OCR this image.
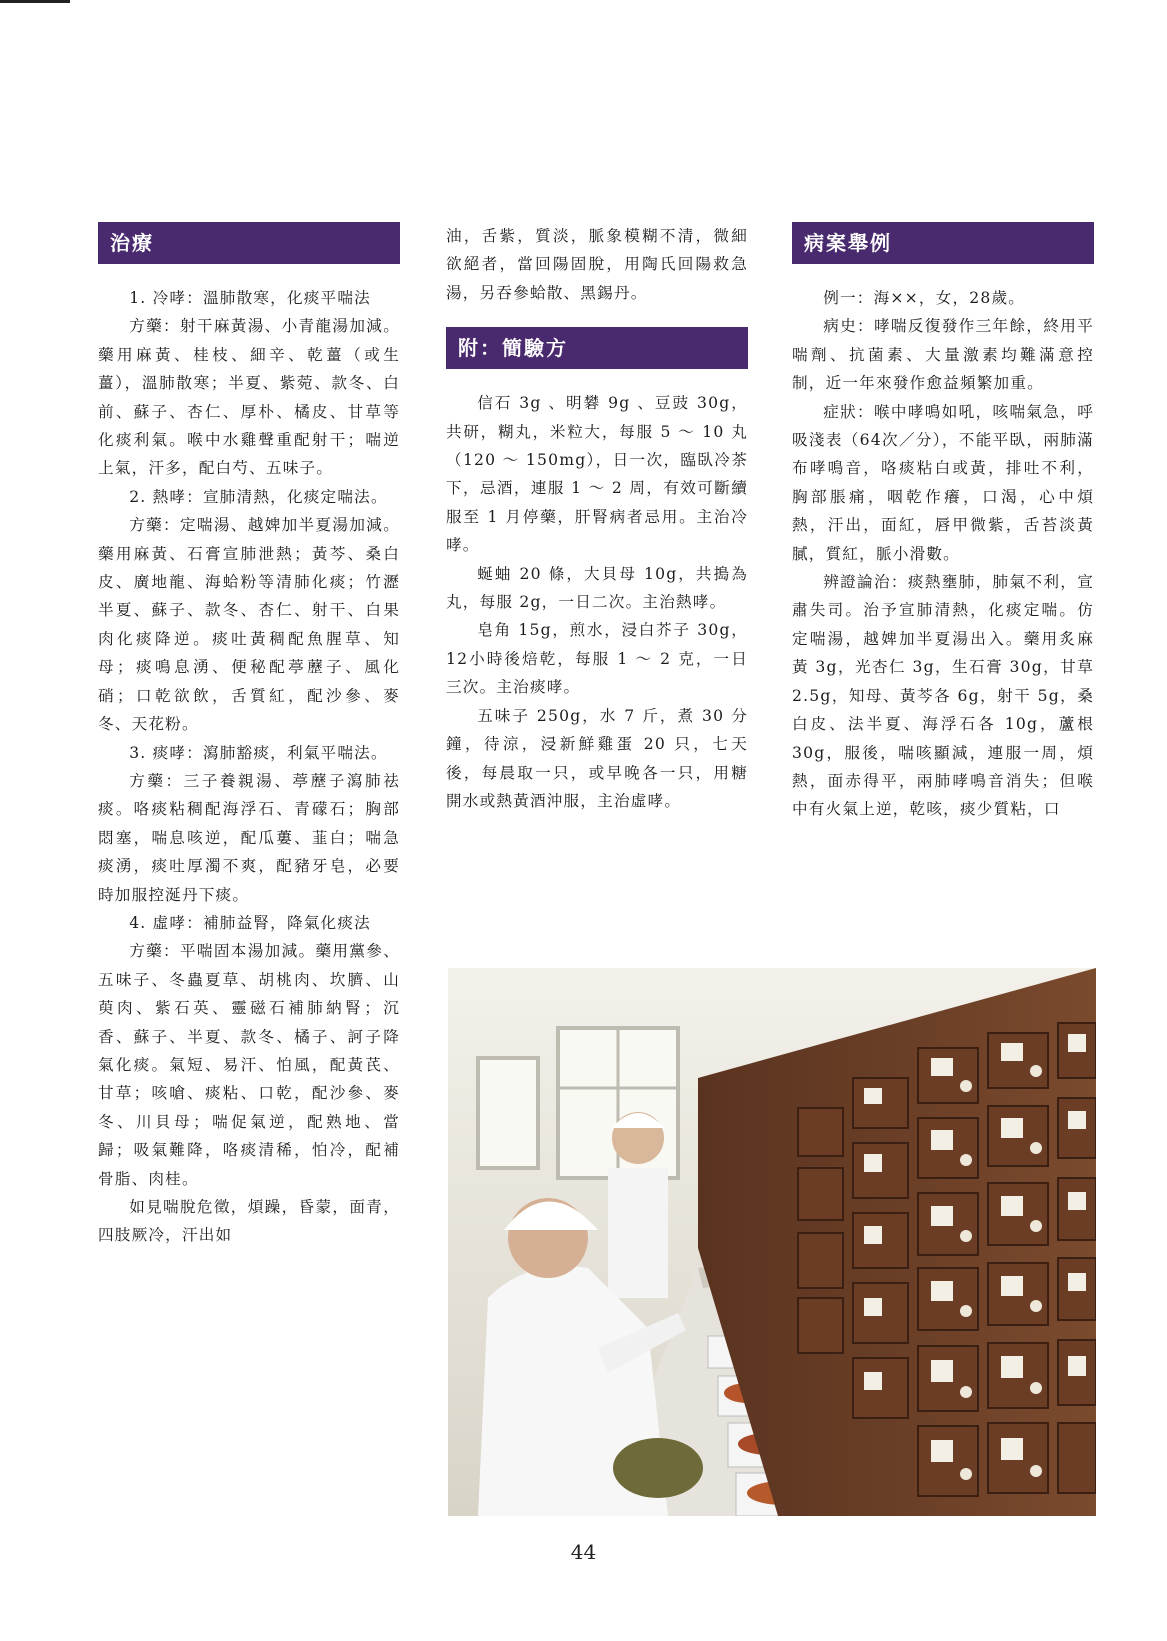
治療

1. 冷哮：溫肺散寒，化痰平喘法

方藥：射干麻黃湯、小青龍湯加減。藥用麻黃、桂枝、細辛、乾薑（或生薑），溫肺散寒；半夏、紫菀、款冬、白前、蘇子、杏仁、厚朴、橘皮、甘草等化痰利氣。喉中水雞聲重配射干；喘逆上氣，汗多，配白芍、五味子。

2. 熱哮：宣肺清熱，化痰定喘法。

方藥：定喘湯、越婢加半夏湯加減。藥用麻黃、石膏宣肺泄熱；黃芩、桑白皮、廣地龍、海蛤粉等清肺化痰；竹瀝半夏、蘇子、款冬、杏仁、射干、白果肉化痰降逆。痰吐黃稠配魚腥草、知母；痰鳴息湧、便秘配葶藶子、風化硝；口乾欲飲，舌質紅，配沙參、麥冬、天花粉。

3. 痰哮：瀉肺豁痰，利氣平喘法。

方藥：三子養親湯、葶藶子瀉肺祛痰。咯痰粘稠配海浮石、青礞石；胸部悶塞，喘息咳逆，配瓜蔞、韮白；喘急痰湧，痰吐厚濁不爽，配豬牙皂，必要時加服控涎丹下痰。

4. 虛哮：補肺益腎，降氣化痰法

方藥：平喘固本湯加減。藥用黨參、五味子、冬蟲夏草、胡桃肉、坎臍、山萸肉、紫石英、靈磁石補肺納腎；沉香、蘇子、半夏、款冬、橘子、訶子降氣化痰。氣短、易汗、怕風，配黃芪、甘草；咳嗆、痰粘、口乾，配沙參、麥冬、川貝母；喘促氣逆，配熟地、當歸；吸氣難降，咯痰清稀，怕冷，配補骨脂、肉桂。

如見喘脫危徵，煩躁，昏蒙，面青，四肢厥冷，汗出如

油，舌紫，質淡，脈象模糊不清，微細欲絕者，當回陽固脫，用陶氏回陽救急湯，另吞參蛤散、黑錫丹。

附：簡驗方

信石 3g 、明礬 9g 、豆豉 30g，共研，糊丸，米粒大，每服 5 ～ 10 丸（120 ～ 150mg），日一次，臨臥冷茶下，忌酒，連服 1 ～ 2 周，有效可斷續服至 1 月停藥，肝腎病者忌用。主治冷哮。

蜒蚰 20 條，大貝母 10g，共搗為丸，每服 2g，一日二次。主治熱哮。

皂角 15g，煎水，浸白芥子 30g，12小時後焙乾，每服 1 ～ 2 克，一日三次。主治痰哮。

五味子 250g，水 7 斤，煮 30 分鐘，待涼，浸新鮮雞蛋 20 只，七天後，每晨取一只，或早晚各一只，用糖開水或熱黃酒沖服，主治虛哮。

病案舉例

例一：海××，女，28歲。

病史：哮喘反復發作三年餘，終用平喘劑、抗菌素、大量激素均難滿意控制，近一年來發作愈益頻繁加重。

症狀：喉中哮鳴如吼，咳喘氣急，呼吸淺表（64次／分），不能平臥，兩肺滿布哮鳴音，咯痰粘白或黃，排吐不利，胸部脹痛，咽乾作癢，口渴，心中煩熱，汗出，面紅，唇甲微紫，舌苔淡黃膩，質紅，脈小滑數。

辨證論治：痰熱壅肺，肺氣不利，宣肅失司。治予宣肺清熱，化痰定喘。仿定喘湯，越婢加半夏湯出入。藥用炙麻黃 3g，光杏仁 3g，生石膏 30g，甘草 2.5g，知母、黃芩各 6g，射干 5g，桑白皮、法半夏、海浮石各 10g，蘆根 30g，服後，喘咳顯減，連服一周，煩熱，面赤得平，兩肺哮鳴音消失；但喉中有火氣上逆，乾咳，痰少質粘，口

44
